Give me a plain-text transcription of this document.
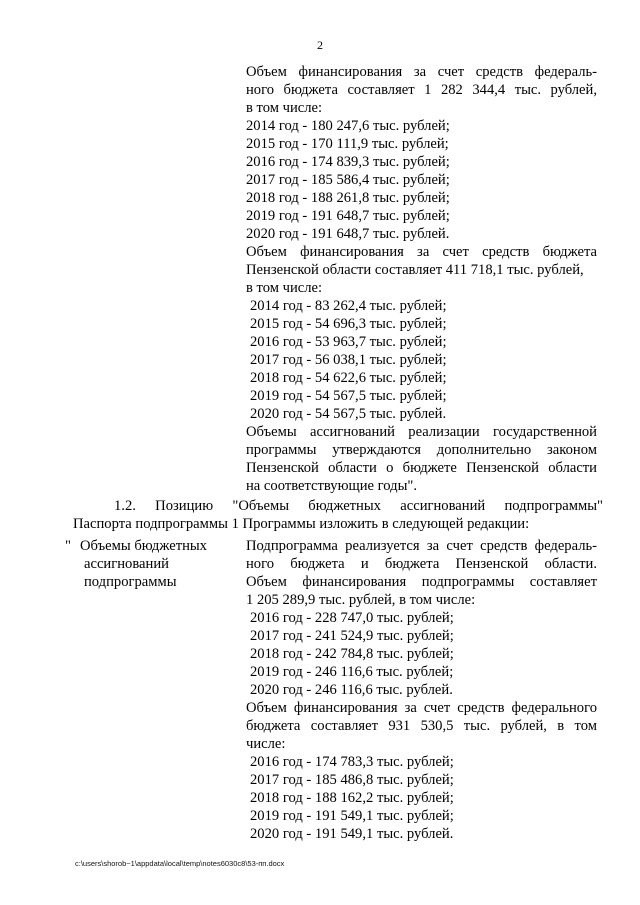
2

Объем финансирования за счет средств федераль-

ного бюджета составляет 1 282 344,4 тыс. рублей,

в том числе:

2014 год - 180 247,6 тыс. рублей;

2015 год - 170 111,9 тыс. рублей;

2016 год - 174 839,3 тыс. рублей;

2017 год - 185 586,4 тыс. рублей;

2018 год - 188 261,8 тыс. рублей;

2019 год - 191 648,7 тыс. рублей;

2020 год - 191 648,7 тыс. рублей.

Объем финансирования за счет средств бюджета

Пензенской области составляет 411 718,1 тыс. рублей,

в том числе:

2014 год - 83 262,4 тыс. рублей;

2015 год - 54 696,3 тыс. рублей;

2016 год - 53 963,7 тыс. рублей;

2017 год - 56 038,1 тыс. рублей;

2018 год - 54 622,6 тыс. рублей;

2019 год - 54 567,5 тыс. рублей;

2020 год - 54 567,5 тыс. рублей.

Объемы ассигнований реализации государственной

программы утверждаются дополнительно законом

Пензенской области о бюджете Пензенской области

на соответствующие годы".

1.2. Позицию "Объемы бюджетных ассигнований подпрограммы"

Паспорта подпрограммы 1 Программы изложить в следующей редакции:

" Объемы бюджетных
ассигнований
подпрограммы

Подпрограмма реализуется за счет средств федераль-

ного бюджета и бюджета Пензенской области.

Объем финансирования подпрограммы составляет

1 205 289,9 тыс. рублей, в том числе:

2016 год - 228 747,0 тыс. рублей;

2017 год - 241 524,9 тыс. рублей;

2018 год - 242 784,8 тыс. рублей;

2019 год - 246 116,6 тыс. рублей;

2020 год - 246 116,6 тыс. рублей.

Объем финансирования за счет средств федерального

бюджета составляет 931 530,5 тыс. рублей, в том

числе:

2016 год - 174 783,3 тыс. рублей;

2017 год - 185 486,8 тыс. рублей;

2018 год - 188 162,2 тыс. рублей;

2019 год - 191 549,1 тыс. рублей;

2020 год - 191 549,1 тыс. рублей.

c:\users\shorob~1\appdata\local\temp\notes6030c8\53-пп.docx
